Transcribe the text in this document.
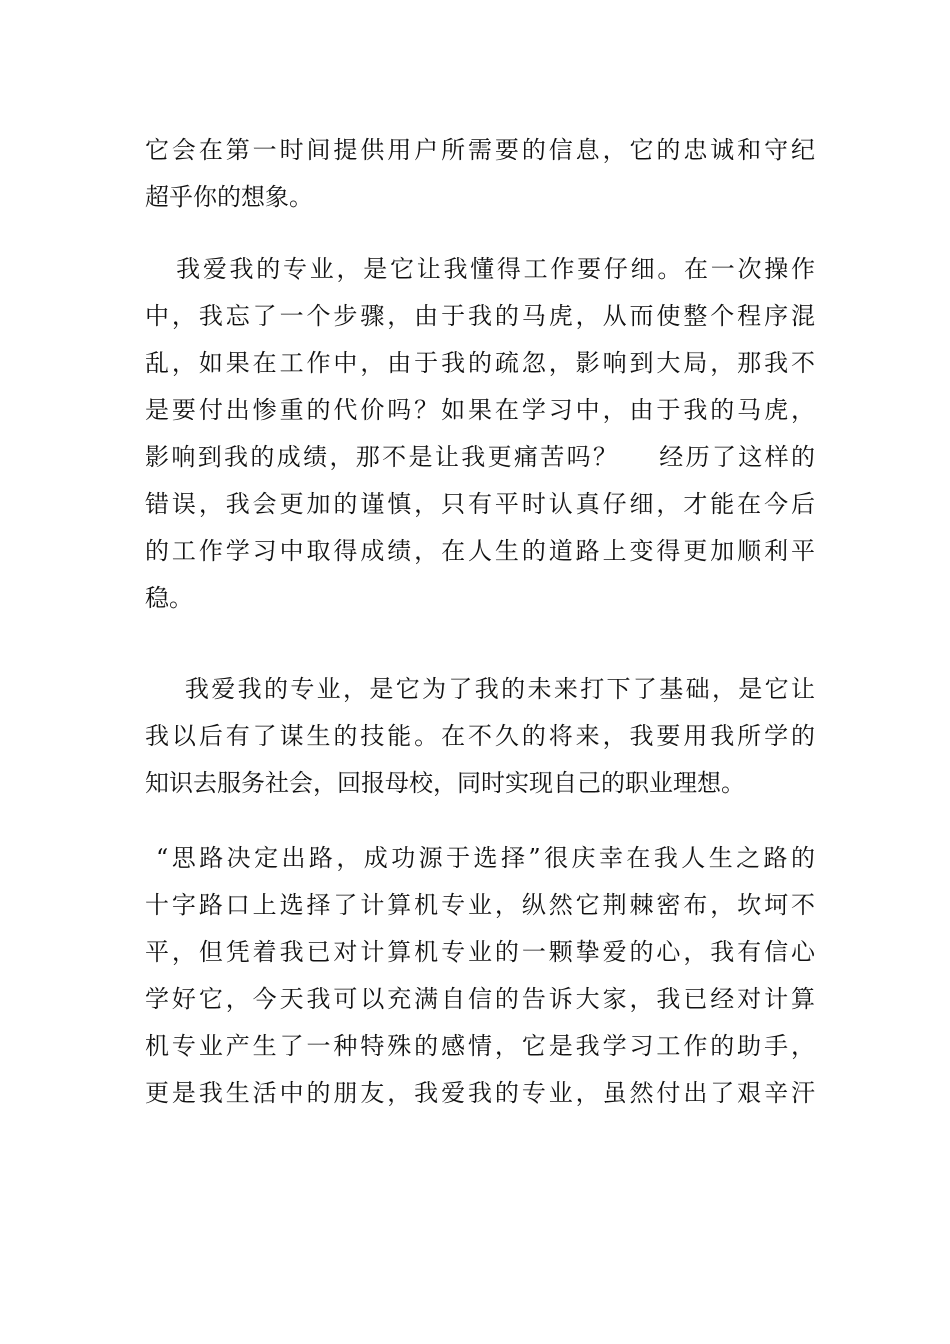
它会在第一时间提供用户所需要的信息，它的忠诚和守纪
超乎你的想象。
我爱我的专业，是它让我懂得工作要仔细。在一次操作
中，我忘了一个步骤，由于我的马虎，从而使整个程序混
乱，如果在工作中，由于我的疏忽，影响到大局，那我不
是要付出惨重的代价吗？如果在学习中，由于我的马虎，
影响到我的成绩，那不是让我更痛苦吗？    经历了这样的
错误，我会更加的谨慎，只有平时认真仔细，才能在今后
的工作学习中取得成绩，在人生的道路上变得更加顺利平
稳。
我爱我的专业，是它为了我的未来打下了基础，是它让
我以后有了谋生的技能。在不久的将来，我要用我所学的
知识去服务社会，回报母校，同时实现自己的职业理想。
“思路决定出路，成功源于选择”很庆幸在我人生之路的
十字路口上选择了计算机专业，纵然它荆棘密布，坎坷不
平，但凭着我已对计算机专业的一颗挚爱的心，我有信心
学好它，今天我可以充满自信的告诉大家，我已经对计算
机专业产生了一种特殊的感情，它是我学习工作的助手，
更是我生活中的朋友，我爱我的专业，虽然付出了艰辛汗
